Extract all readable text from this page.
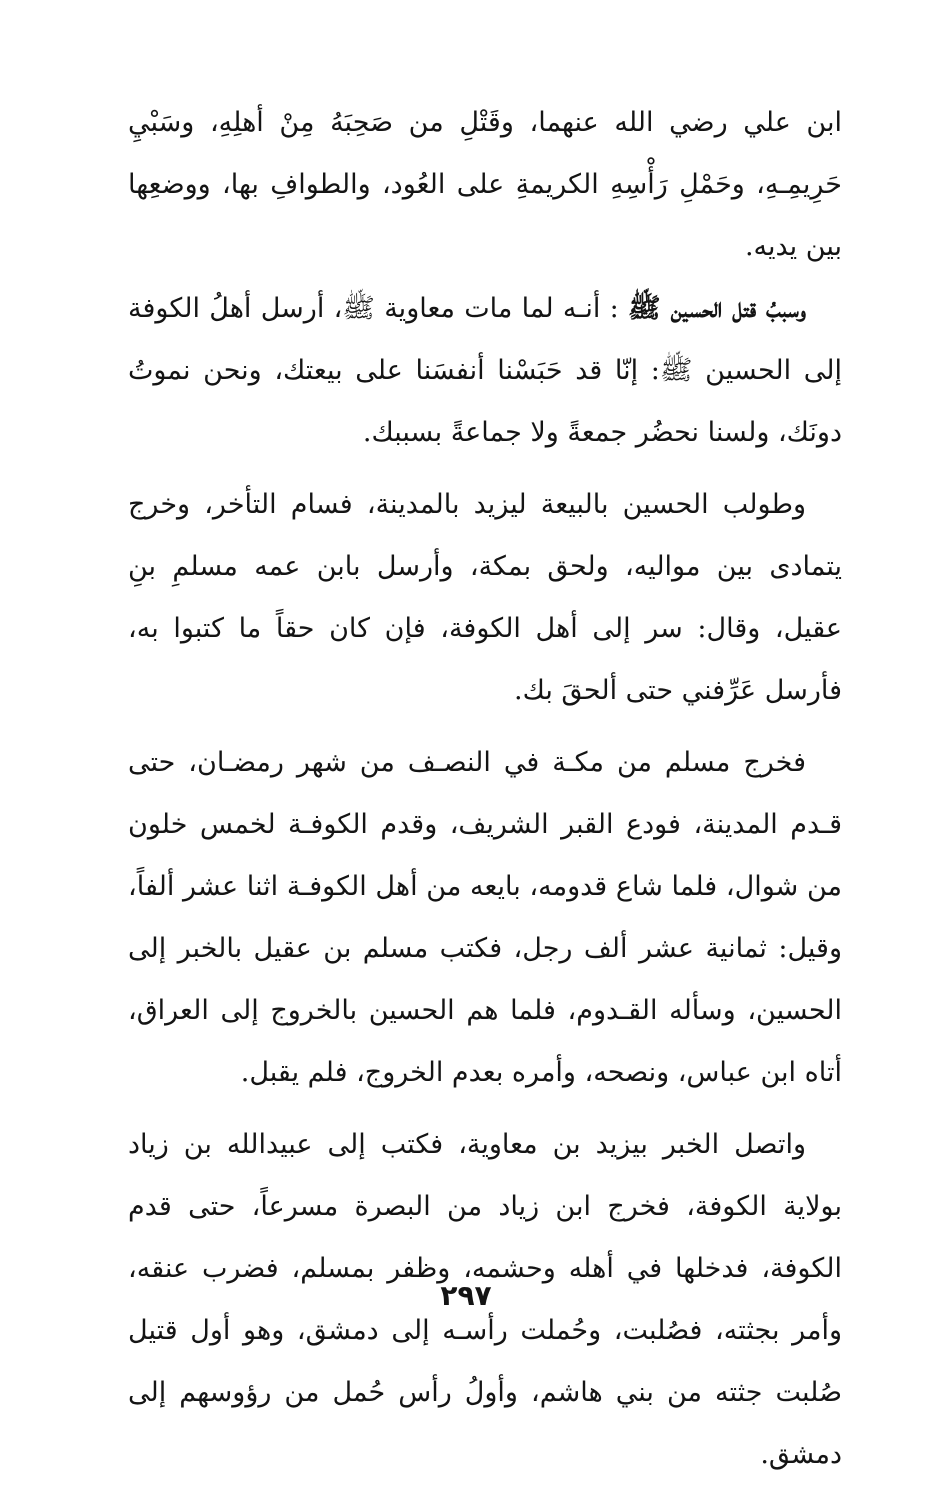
ابن علي رضي الله عنهما، وقَتْلِ من صَحِبَهُ مِنْ أهلِهِ، وسَبْيِ حَرِيمِـهِ، وحَمْلِ رَأْسِهِ الكريمةِ على العُود، والطوافِ بها، ووضعِها بين يديه.

وسببُ قتل الحسين ﷺ : أنـه لما مات معاوية ﷺ، أرسل أهلُ الكوفة إلى الحسين ﷺ: إنّا قد حَبَسْنا أنفسَنا على بيعتك، ونحن نموتُ دونَك، ولسنا نحضُر جمعةً ولا جماعةً بسببك.

وطولب الحسين بالبيعة ليزيد بالمدينة، فسام التأخر، وخرج يتمادى بين مواليه، ولحق بمكة، وأرسل بابن عمه مسلمِ بنِ عقيل، وقال: سر إلى أهل الكوفة، فإن كان حقاً ما كتبوا به، فأرسل عَرِّفني حتى ألحقَ بك.

فخرج مسلم من مكـة في النصـف من شهر رمضـان، حتى قـدم المدينة، فودع القبر الشريف، وقدم الكوفـة لخمس خلون من شوال، فلما شاع قدومه، بايعه من أهل الكوفـة اثنا عشر ألفاً، وقيل: ثمانية عشر ألف رجل، فكتب مسلم بن عقيل بالخبر إلى الحسين، وسأله القـدوم، فلما هم الحسين بالخروج إلى العراق، أتاه ابن عباس، ونصحه، وأمره بعدم الخروج، فلم يقبل.

واتصل الخبر بيزيد بن معاوية، فكتب إلى عبيدالله بن زياد بولاية الكوفة، فخرج ابن زياد من البصرة مسرعاً، حتى قدم الكوفة، فدخلها في أهله وحشمه، وظفر بمسلم، فضرب عنقه، وأمر بجثته، فصُلبت، وحُملت رأسـه إلى دمشق، وهو أول قتيل صُلبت جثته من بني هاشم، وأولُ رأس حُمل من رؤوسهم إلى دمشق.

٢٩٧
